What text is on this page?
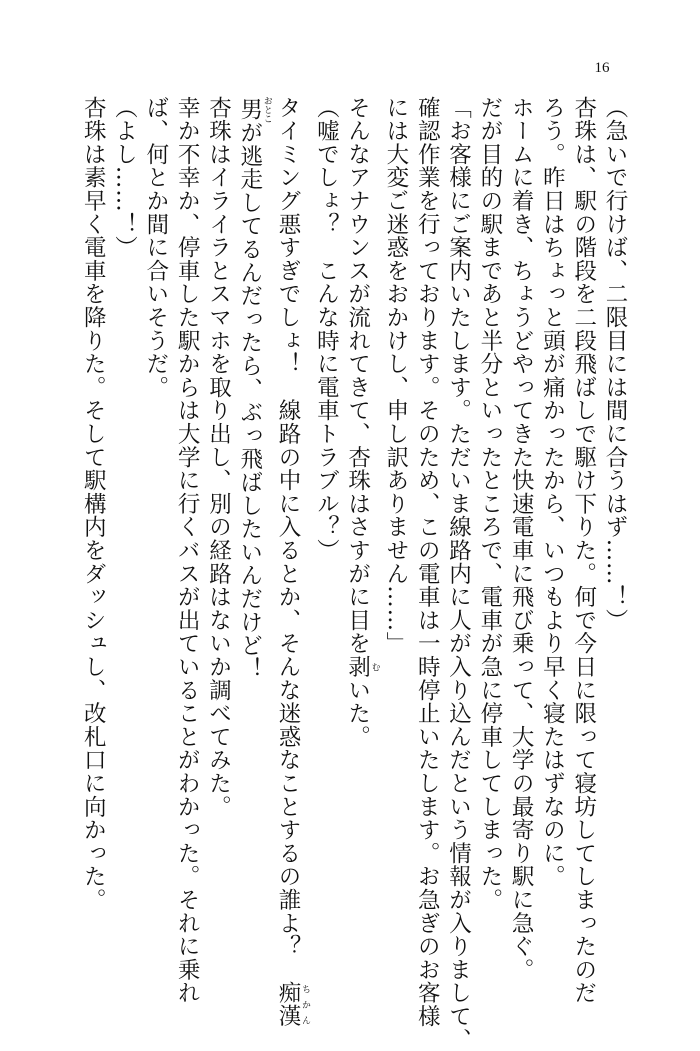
16
（急いで行けば、二限目には間に合うはず……！）
杏珠は、駅の階段を二段飛ばしで駆け下りた。何で今日に限って寝坊してしまったのだ
ろう。昨日はちょっと頭が痛かったから、いつもより早く寝たはずなのに。
ホームに着き、ちょうどやってきた快速電車に飛び乗って、大学の最寄り駅に急ぐ。
だが目的の駅まであと半分といったところで、電車が急に停車してしまった。
「お客様にご案内いたします。ただいま線路内に人が入り込んだという情報が入りまして、
確認作業を行っております。そのため、この電車は一時停止いたします。お急ぎのお客様
には大変ご迷惑をおかけし、申し訳ありません……」
そんなアナウンスが流れてきて、杏珠はさすがに目を剥 むいた。
（嘘でしょ？　こんな時に電車トラブル？）
タイミング悪すぎでしょ！　線路の中に入るとか、そんな迷惑なことするの誰よ？　痴漢 ちかん
男 おとこが逃走してるんだったら、ぶっ飛ばしたいんだけど！
杏珠はイライラとスマホを取り出し、別の経路はないか調べてみた。
幸か不幸か、停車した駅からは大学に行くバスが出ていることがわかった。それに乗れ
ば、何とか間に合いそうだ。
（よし……！）
杏珠は素早く電車を降りた。そして駅構内をダッシュし、改札口に向かった。
